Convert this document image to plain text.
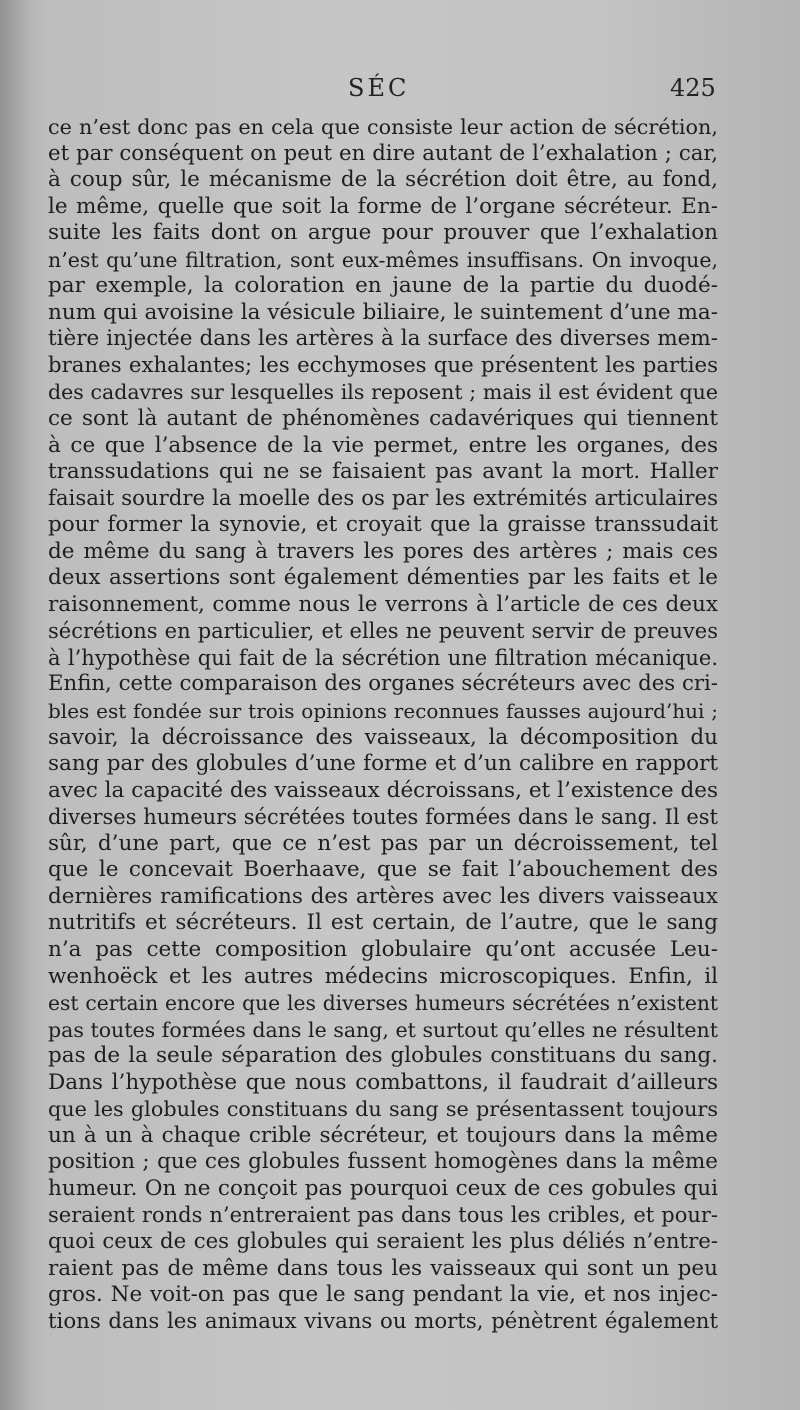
SÉC	425
ce n’est donc pas en cela que consiste leur action de sécrétion,
et par conséquent on peut en dire autant de l’exhalation ; car,
à coup sûr, le mécanisme de la sécrétion doit être, au fond,
le même, quelle que soit la forme de l’organe sécréteur. En-
suite les faits dont on argue pour prouver que l’exhalation
n’est qu’une filtration, sont eux-mêmes insuffisans. On invoque,
par exemple, la coloration en jaune de la partie du duodé-
num qui avoisine la vésicule biliaire, le suintement d’une ma-
tière injectée dans les artères à la surface des diverses mem-
branes exhalantes; les ecchymoses que présentent les parties
des cadavres sur lesquelles ils reposent ; mais il est évident que
ce sont là autant de phénomènes cadavériques qui tiennent
à ce que l’absence de la vie permet, entre les organes, des
transsudations qui ne se faisaient pas avant la mort. Haller
faisait sourdre la moelle des os par les extrémités articulaires
pour former la synovie, et croyait que la graisse transsudait
de même du sang à travers les pores des artères ; mais ces
deux assertions sont également démenties par les faits et le
raisonnement, comme nous le verrons à l’article de ces deux
sécrétions en particulier, et elles ne peuvent servir de preuves
à l’hypothèse qui fait de la sécrétion une filtration mécanique.
Enfin, cette comparaison des organes sécréteurs avec des cri-
bles est fondée sur trois opinions reconnues fausses aujourd’hui ;
savoir, la décroissance des vaisseaux, la décomposition du
sang par des globules d’une forme et d’un calibre en rapport
avec la capacité des vaisseaux décroissans, et l’existence des
diverses humeurs sécrétées toutes formées dans le sang. Il est
sûr, d’une part, que ce n’est pas par un décroissement, tel
que le concevait Boerhaave, que se fait l’abouchement des
dernières ramifications des artères avec les divers vaisseaux
nutritifs et sécréteurs. Il est certain, de l’autre, que le sang
n’a pas cette composition globulaire qu’ont accusée Leu-
wenhoëck et les autres médecins microscopiques. Enfin, il
est certain encore que les diverses humeurs sécrétées n’existent
pas toutes formées dans le sang, et surtout qu’elles ne résultent
pas de la seule séparation des globules constituans du sang.
Dans l’hypothèse que nous combattons, il faudrait d’ailleurs
que les globules constituans du sang se présentassent toujours
un à un à chaque crible sécréteur, et toujours dans la même
position ; que ces globules fussent homogènes dans la même
humeur. On ne conçoit pas pourquoi ceux de ces gobules qui
seraient ronds n’entreraient pas dans tous les cribles, et pour-
quoi ceux de ces globules qui seraient les plus déliés n’entre-
raient pas de même dans tous les vaisseaux qui sont un peu
gros. Ne voit-on pas que le sang pendant la vie, et nos injec-
tions dans les animaux vivans ou morts, pénètrent également
